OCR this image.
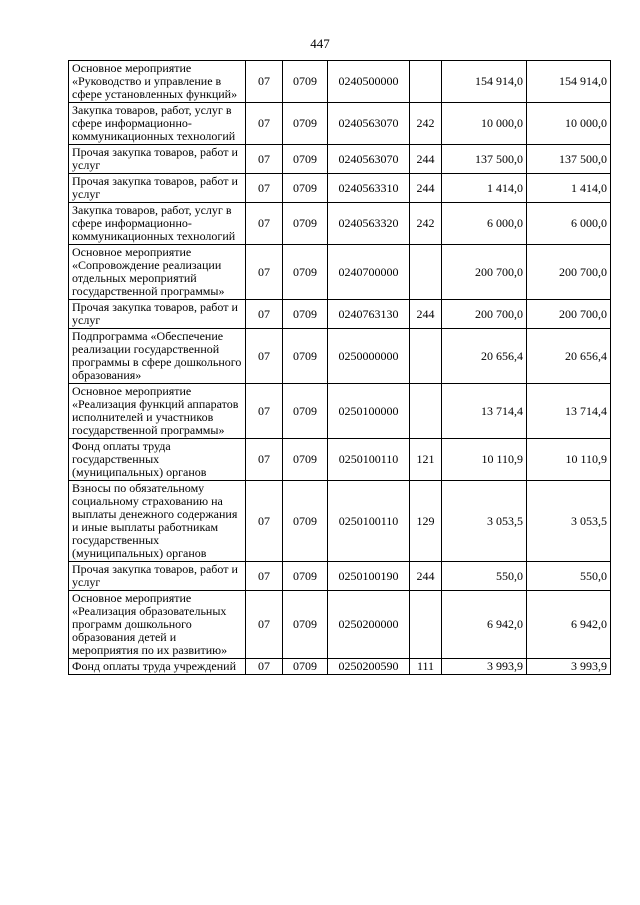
447
Основное мероприятие «Руководство и управление в сфере установленных функций»	07	0709	0240500000		154 914,0	154 914,0
Закупка товаров, работ, услуг в сфере информационно-коммуникационных технологий	07	0709	0240563070	242	10 000,0	10 000,0
Прочая закупка товаров, работ и услуг	07	0709	0240563070	244	137 500,0	137 500,0
Прочая закупка товаров, работ и услуг	07	0709	0240563310	244	1 414,0	1 414,0
Закупка товаров, работ, услуг в сфере информационно-коммуникационных технологий	07	0709	0240563320	242	6 000,0	6 000,0
Основное мероприятие «Сопровождение реализации отдельных мероприятий государственной программы»	07	0709	0240700000		200 700,0	200 700,0
Прочая закупка товаров, работ и услуг	07	0709	0240763130	244	200 700,0	200 700,0
Подпрограмма «Обеспечение реализации государственной программы в сфере дошкольного образования»	07	0709	0250000000		20 656,4	20 656,4
Основное мероприятие «Реализация функций аппаратов исполнителей и участников государственной программы»	07	0709	0250100000		13 714,4	13 714,4
Фонд оплаты труда государственных (муниципальных) органов	07	0709	0250100110	121	10 110,9	10 110,9
Взносы по обязательному социальному страхованию на выплаты денежного содержания и иные выплаты работникам государственных (муниципальных) органов	07	0709	0250100110	129	3 053,5	3 053,5
Прочая закупка товаров, работ и услуг	07	0709	0250100190	244	550,0	550,0
Основное мероприятие «Реализация образовательных программ дошкольного образования детей и мероприятия по их развитию»	07	0709	0250200000		6 942,0	6 942,0
Фонд оплаты труда учреждений	07	0709	0250200590	111	3 993,9	3 993,9
